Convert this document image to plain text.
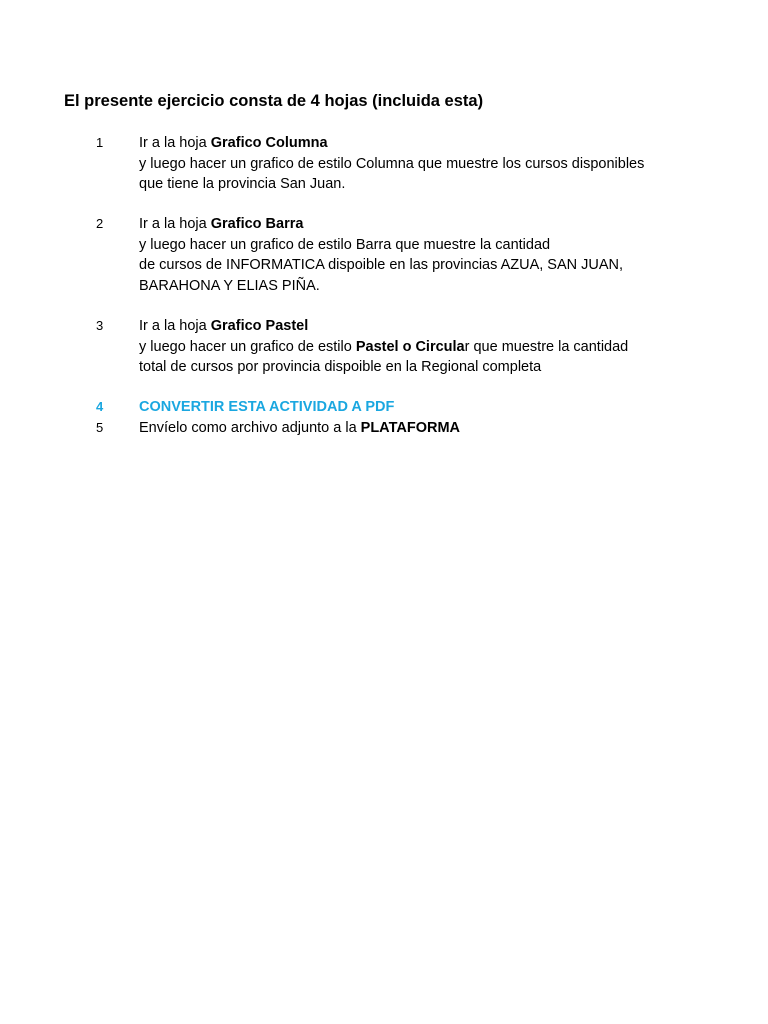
El presente ejercicio consta de 4 hojas (incluida esta)
1	Ir a la hoja Grafico Columna
y luego hacer un grafico de estilo Columna que muestre los cursos disponibles
que tiene la provincia San Juan.
2	Ir a la hoja Grafico Barra
y luego hacer un grafico de estilo Barra que muestre la cantidad
de cursos de INFORMATICA dispoible en las provincias AZUA, SAN JUAN,
BARAHONA Y ELIAS PIÑA.
3	Ir a la hoja Grafico Pastel
y luego hacer un grafico de estilo Pastel o Circular que muestre la cantidad
total de cursos por provincia dispoible en la Regional completa
4	CONVERTIR ESTA ACTIVIDAD A PDF
5	Envíelo como archivo adjunto a la PLATAFORMA
